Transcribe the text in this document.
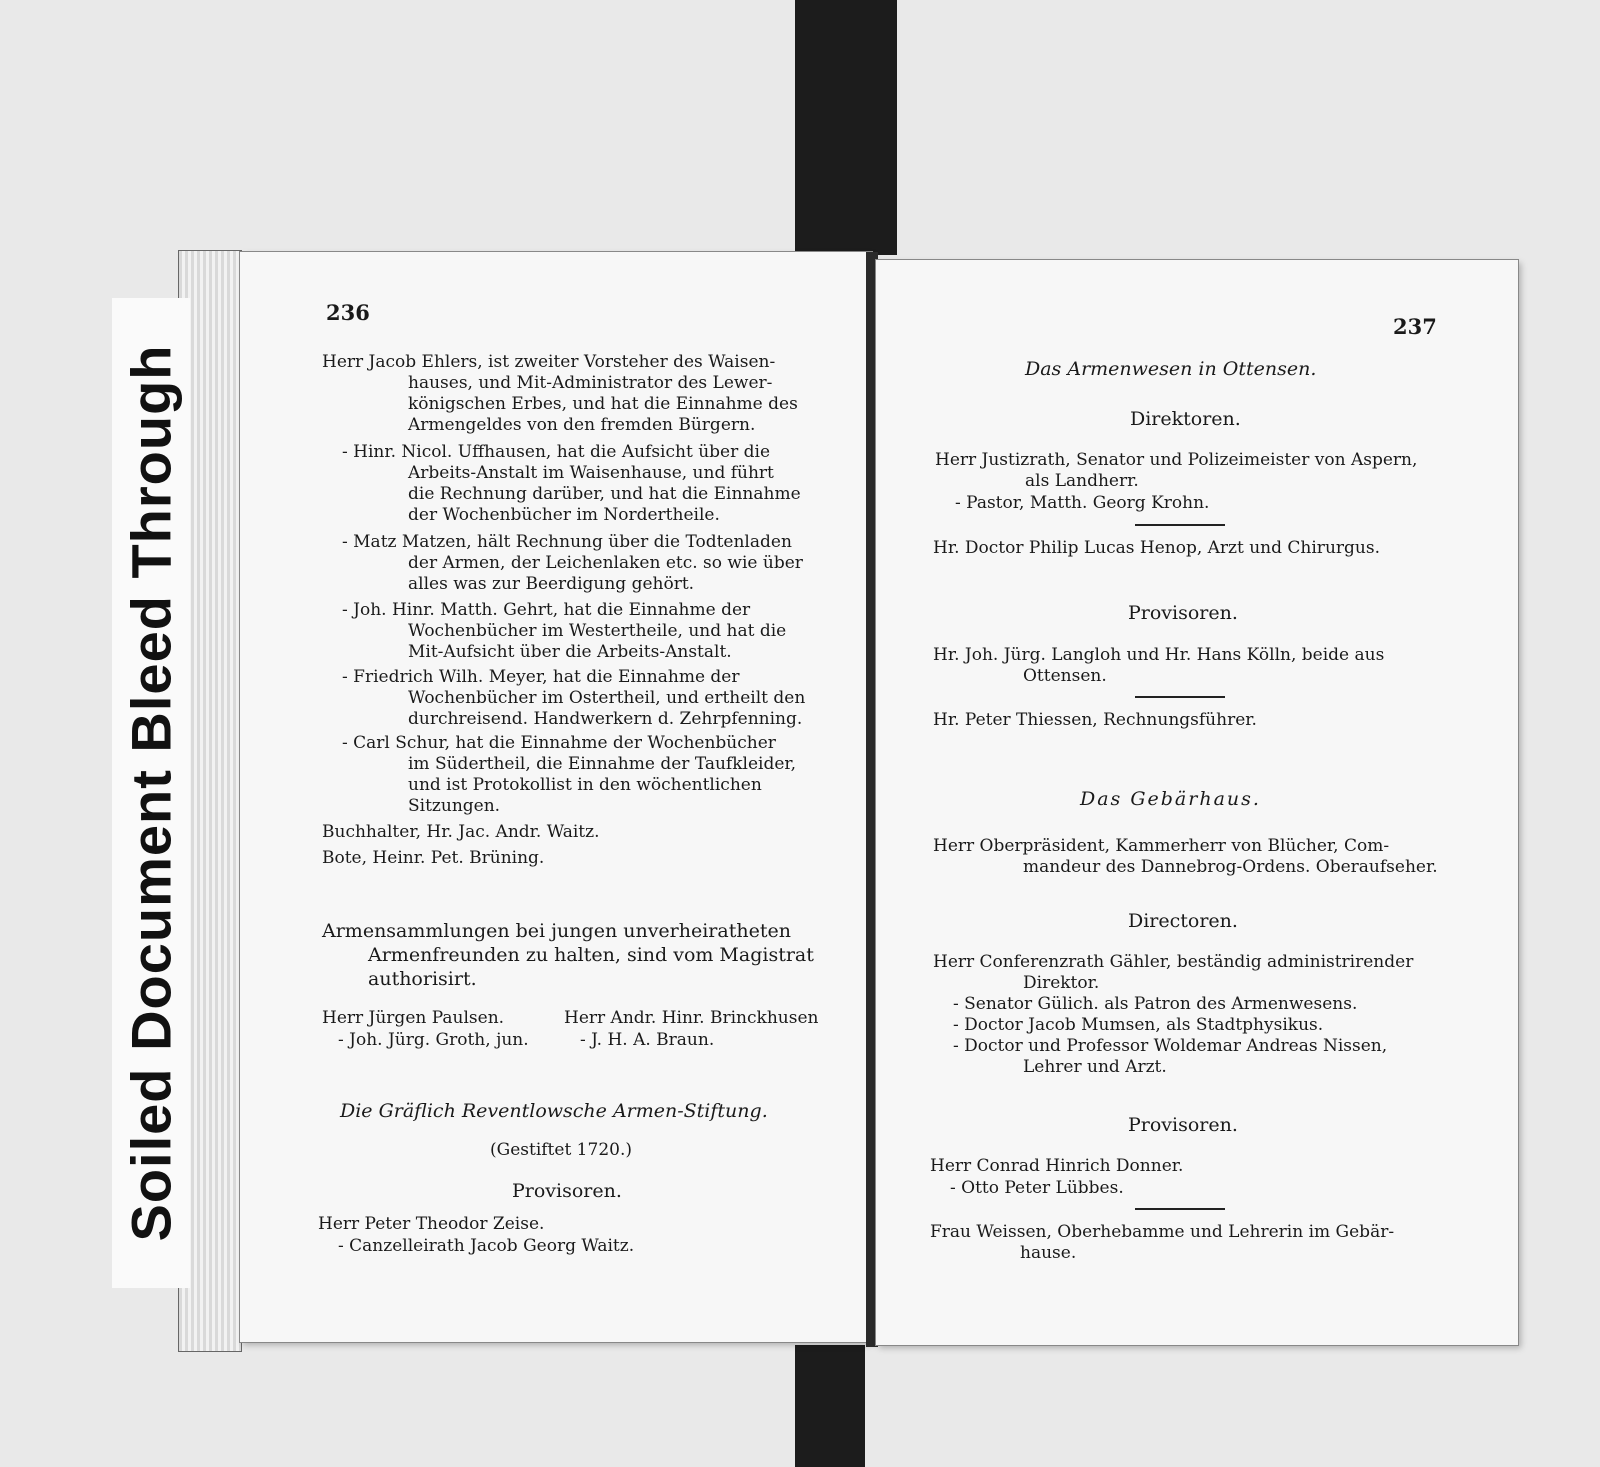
Soiled Document Bleed Through
236
Herr Jacob Ehlers, ist zweiter Vorsteher des Waisen-
hauses, und Mit-Administrator des Lewer-
königschen Erbes, und hat die Einnahme des
Armengeldes von den fremden Bürgern.
- Hinr. Nicol. Uffhausen, hat die Aufsicht über die
Arbeits-Anstalt im Waisenhause, und führt
die Rechnung darüber, und hat die Einnahme
der Wochenbücher im Nordertheile.
- Matz Matzen, hält Rechnung über die Todtenladen
der Armen, der Leichenlaken etc. so wie über
alles was zur Beerdigung gehört.
- Joh. Hinr. Matth. Gehrt, hat die Einnahme der
Wochenbücher im Westertheile, und hat die
Mit-Aufsicht über die Arbeits-Anstalt.
- Friedrich Wilh. Meyer, hat die Einnahme der
Wochenbücher im Ostertheil, und ertheilt den
durchreisend. Handwerkern d. Zehrpfenning.
- Carl Schur, hat die Einnahme der Wochenbücher
im Südertheil, die Einnahme der Taufkleider,
und ist Protokollist in den wöchentlichen
Sitzungen.
Buchhalter, Hr. Jac. Andr. Waitz.
Bote, Heinr. Pet. Brüning.
Armensammlungen bei jungen unverheiratheten
Armenfreunden zu halten, sind vom Magistrat
authorisirt.
Herr Jürgen Paulsen.
- Joh. Jürg. Groth, jun.
Herr Andr. Hinr. Brinckhusen
- J. H. A. Braun.
Die Gräflich Reventlowsche Armen-Stiftung.
(Gestiftet 1720.)
Provisoren.
Herr Peter Theodor Zeise.
- Canzelleirath Jacob Georg Waitz.
237
Das Armenwesen in Ottensen.
Direktoren.
Herr Justizrath, Senator und Polizeimeister von Aspern,
als Landherr.
- Pastor, Matth. Georg Krohn.
Hr. Doctor Philip Lucas Henop, Arzt und Chirurgus.
Provisoren.
Hr. Joh. Jürg. Langloh und Hr. Hans Kölln, beide aus
Ottensen.
Hr. Peter Thiessen, Rechnungsführer.
Das Gebärhaus.
Herr Oberpräsident, Kammerherr von Blücher, Com-
mandeur des Dannebrog-Ordens. Oberaufseher.
Directoren.
Herr Conferenzrath Gähler, beständig administrirender
Direktor.
- Senator Gülich. als Patron des Armenwesens.
- Doctor Jacob Mumsen, als Stadtphysikus.
- Doctor und Professor Woldemar Andreas Nissen,
Lehrer und Arzt.
Provisoren.
Herr Conrad Hinrich Donner.
- Otto Peter Lübbes.
Frau Weissen, Oberhebamme und Lehrerin im Gebär-
hause.
